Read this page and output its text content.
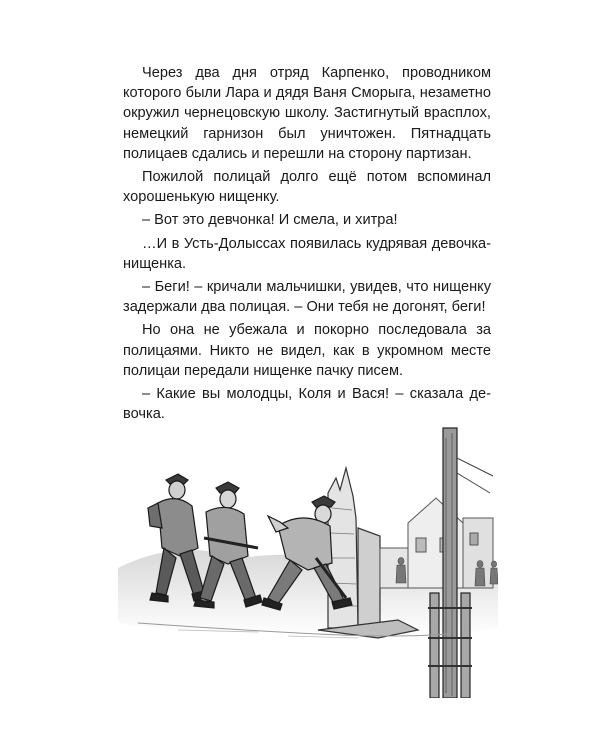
Через два дня отряд Карпенко, проводником которого были Лара и дядя Ваня Сморыга, незаметно окружил чернецовскую школу. Застигнутый врасплох, немецкий гарнизон был уничтожен. Пятнадцать полицаев сдались и перешли на сторону партизан.

Пожилой полицай долго ещё потом вспоминал хорошенькую нищенку.

– Вот это девчонка! И смела, и хитра!

…И в Усть-Долыссах появилась кудрявая девочка-нищенка.

– Беги! – кричали мальчишки, увидев, что нищенку задержали два полицая. – Они тебя не догонят, беги!

Но она не убежала и покорно последовала за полицаями. Никто не видел, как в укромном месте полицаи передали нищенке пачку писем.

– Какие вы молодцы, Коля и Вася! – сказала девочка.
